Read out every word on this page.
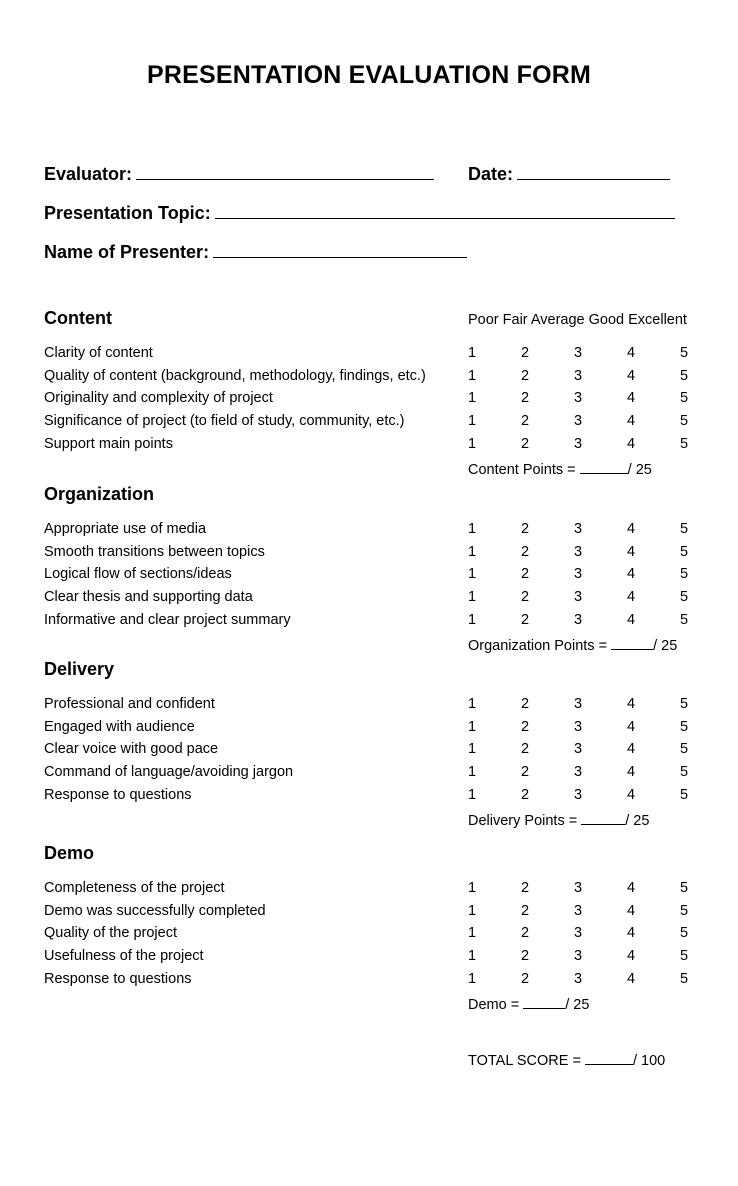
PRESENTATION EVALUATION FORM
Evaluator:	Date:
Presentation Topic:
Name of Presenter:
Content	Poor Fair Average Good Excellent
Clarity of content	1	2	3	4	5
Quality of content (background, methodology, findings, etc.)	1	2	3	4	5
Originality and complexity of project	1	2	3	4	5
Significance of project (to field of study, community, etc.)	1	2	3	4	5
Support main points	1	2	3	4	5
Content Points =	/ 25
Organization
Appropriate use of media	1	2	3	4	5
Smooth transitions between topics	1	2	3	4	5
Logical flow of sections/ideas	1	2	3	4	5
Clear thesis and supporting data	1	2	3	4	5
Informative and clear project summary	1	2	3	4	5
Organization Points =	/ 25
Delivery
Professional and confident	1	2	3	4	5
Engaged with audience	1	2	3	4	5
Clear voice with good pace	1	2	3	4	5
Command of language/avoiding jargon	1	2	3	4	5
Response to questions	1	2	3	4	5
Delivery Points =	/ 25
Demo
Completeness of the project	1	2	3	4	5
Demo was successfully completed	1	2	3	4	5
Quality of the project	1	2	3	4	5
Usefulness of the project	1	2	3	4	5
Response to questions	1	2	3	4	5
Demo =	/ 25
TOTAL SCORE =	/ 100
